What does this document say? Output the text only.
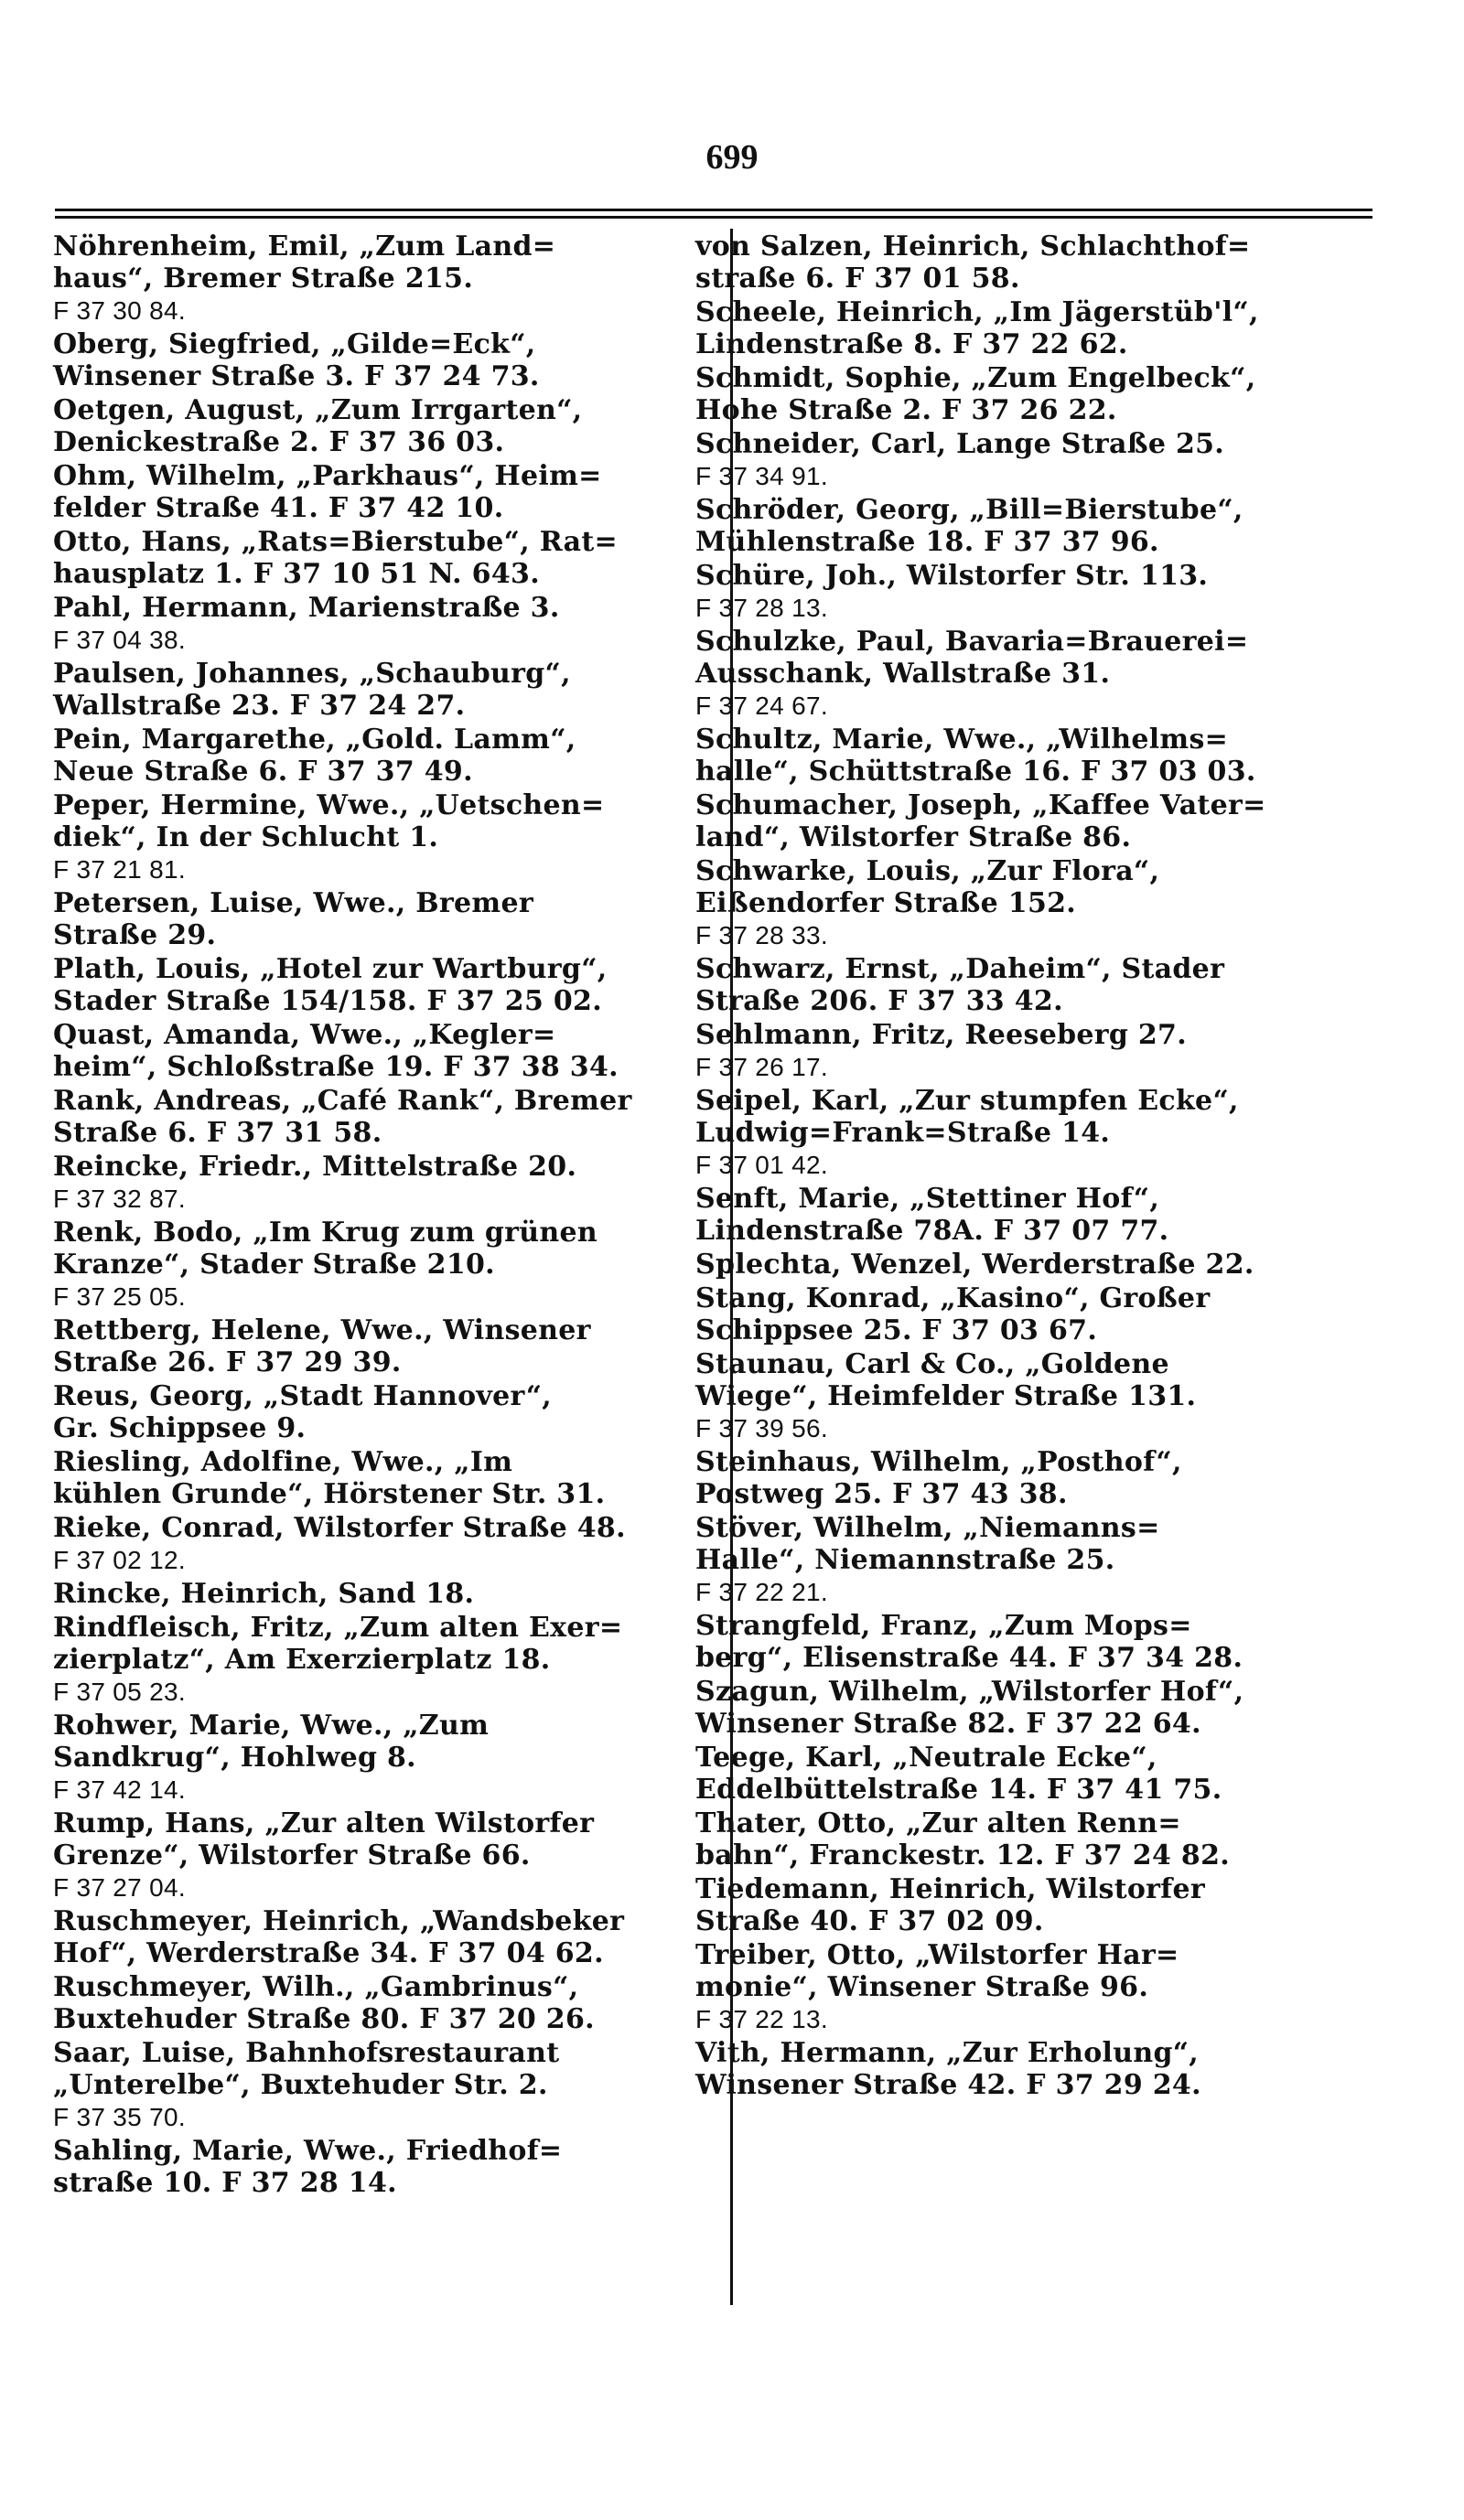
699

Nöhrenheim, Emil, „Zum Land=
haus“, Bremer Straße 215.
F 37 30 84.

Oberg, Siegfried, „Gilde=Eck“,
Winsener Straße 3. F 37 24 73.

Oetgen, August, „Zum Irrgarten“,
Denickestraße 2. F 37 36 03.

Ohm, Wilhelm, „Parkhaus“, Heim=
felder Straße 41. F 37 42 10.

Otto, Hans, „Rats=Bierstube“, Rat=
hausplatz 1. F 37 10 51 N. 643.

Pahl, Hermann, Marienstraße 3.
F 37 04 38.

Paulsen, Johannes, „Schauburg“,
Wallstraße 23. F 37 24 27.

Pein, Margarethe, „Gold. Lamm“,
Neue Straße 6. F 37 37 49.

Peper, Hermine, Wwe., „Uetschen=
diek“, In der Schlucht 1.
F 37 21 81.

Petersen, Luise, Wwe., Bremer
Straße 29.

Plath, Louis, „Hotel zur Wartburg“,
Stader Straße 154/158. F 37 25 02.

Quast, Amanda, Wwe., „Kegler=
heim“, Schloßstraße 19. F 37 38 34.

Rank, Andreas, „Café Rank“, Bremer
Straße 6. F 37 31 58.

Reincke, Friedr., Mittelstraße 20.
F 37 32 87.

Renk, Bodo, „Im Krug zum grünen
Kranze“, Stader Straße 210.
F 37 25 05.

Rettberg, Helene, Wwe., Winsener
Straße 26. F 37 29 39.

Reus, Georg, „Stadt Hannover“,
Gr. Schippsee 9.

Riesling, Adolfine, Wwe., „Im
kühlen Grunde“, Hörstener Str. 31.

Rieke, Conrad, Wilstorfer Straße 48.
F 37 02 12.

Rincke, Heinrich, Sand 18.

Rindfleisch, Fritz, „Zum alten Exer=
zierplatz“, Am Exerzierplatz 18.
F 37 05 23.

Rohwer, Marie, Wwe., „Zum
Sandkrug“, Hohlweg 8.
F 37 42 14.

Rump, Hans, „Zur alten Wilstorfer
Grenze“, Wilstorfer Straße 66.
F 37 27 04.

Ruschmeyer, Heinrich, „Wandsbeker
Hof“, Werderstraße 34. F 37 04 62.

Ruschmeyer, Wilh., „Gambrinus“,
Buxtehuder Straße 80. F 37 20 26.

Saar, Luise, Bahnhofsrestaurant
„Unterelbe“, Buxtehuder Str. 2.
F 37 35 70.

Sahling, Marie, Wwe., Friedhof=
straße 10. F 37 28 14.

von Salzen, Heinrich, Schlachthof=
straße 6. F 37 01 58.

Scheele, Heinrich, „Im Jägerstüb'l“,
Lindenstraße 8. F 37 22 62.

Schmidt, Sophie, „Zum Engelbeck“,
Hohe Straße 2. F 37 26 22.

Schneider, Carl, Lange Straße 25.
F 37 34 91.

Schröder, Georg, „Bill=Bierstube“,
Mühlenstraße 18. F 37 37 96.

Schüre, Joh., Wilstorfer Str. 113.
F 37 28 13.

Schulzke, Paul, Bavaria=Brauerei=
Ausschank, Wallstraße 31.
F 37 24 67.

Schultz, Marie, Wwe., „Wilhelms=
halle“, Schüttstraße 16. F 37 03 03.

Schumacher, Joseph, „Kaffee Vater=
land“, Wilstorfer Straße 86.

Schwarke, Louis, „Zur Flora“,
Eißendorfer Straße 152.
F 37 28 33.

Schwarz, Ernst, „Daheim“, Stader
Straße 206. F 37 33 42.

Sehlmann, Fritz, Reeseberg 27.
F 37 26 17.

Seipel, Karl, „Zur stumpfen Ecke“,
Ludwig=Frank=Straße 14.
F 37 01 42.

Senft, Marie, „Stettiner Hof“,
Lindenstraße 78A. F 37 07 77.

Splechta, Wenzel, Werderstraße 22.

Stang, Konrad, „Kasino“, Großer
Schippsee 25. F 37 03 67.

Staunau, Carl & Co., „Goldene
Wiege“, Heimfelder Straße 131.
F 37 39 56.

Steinhaus, Wilhelm, „Posthof“,
Postweg 25. F 37 43 38.

Stöver, Wilhelm, „Niemanns=
Halle“, Niemannstraße 25.
F 37 22 21.

Strangfeld, Franz, „Zum Mops=
berg“, Elisenstraße 44. F 37 34 28.

Szagun, Wilhelm, „Wilstorfer Hof“,
Winsener Straße 82. F 37 22 64.

Teege, Karl, „Neutrale Ecke“,
Eddelbüttelstraße 14. F 37 41 75.

Thater, Otto, „Zur alten Renn=
bahn“, Franckestr. 12. F 37 24 82.

Tiedemann, Heinrich, Wilstorfer
Straße 40. F 37 02 09.

Treiber, Otto, „Wilstorfer Har=
monie“, Winsener Straße 96.
F 37 22 13.

Vith, Hermann, „Zur Erholung“,
Winsener Straße 42. F 37 29 24.
